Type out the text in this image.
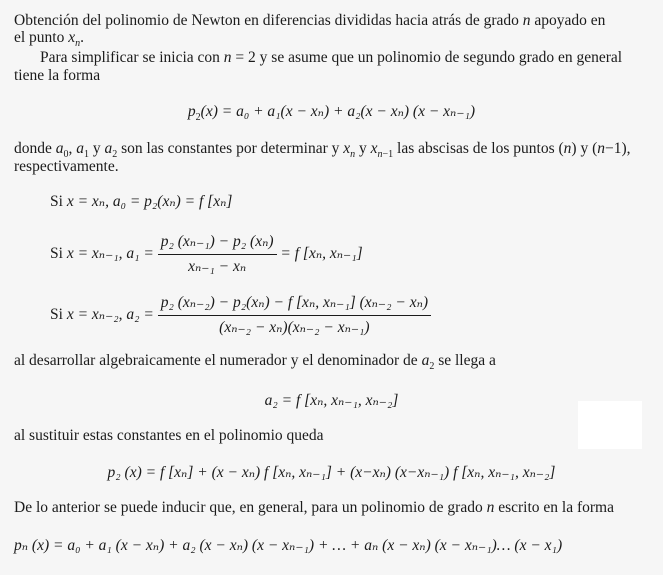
Obtención del polinomio de Newton en diferencias divididas hacia atrás de grado n apoyado en
el punto $x_n$.
Para simplificar se inicia con n = 2 y se asume que un polinomio de segundo grado en general
tiene la forma
$p_2(x) = a_0 + a_1(x - x_n) + a_2(x - x_n) (x - x_{n-1})$
donde $a_0$, $a_1$ y $a_2$ son las constantes por determinar y $x_n$ y $x_{n-1}$ las abscisas de los puntos (n) y (n−1),
respectivamente.
Si x = xₙ, a₀ = p₂(xₙ) = f [xₙ]
Si x = xₙ₋₁, $a_1 = \frac{\text{p₂ (xₙ₋₁) − p₂ (xₙ)}}{\text{xₙ₋₁ − xₙ}} = f$ [xₙ, xₙ₋₁]
Si x = xₙ₋₂, $a_2 = \frac{\text{p₂ (xₙ₋₂) − p₂(xₙ) − f [xₙ, xₙ₋₁] (xₙ₋₂ − xₙ)}}{\text{(xₙ₋₂ − xₙ)(xₙ₋₂ − xₙ₋₁)}}$
al desarrollar algebraicamente el numerador y el denominador de $a_2$ se llega a
a₂ = f [xₙ, xₙ₋₁, xₙ₋₂]
al sustituir estas constantes en el polinomio queda
p₂ (x) = f [xₙ] + (x − xₙ) f [xₙ, xₙ₋₁] + (x−xₙ) (x−xₙ₋₁) f [xₙ, xₙ₋₁, xₙ₋₂]
De lo anterior se puede inducir que, en general, para un polinomio de grado n escrito en la forma
pₙ (x) = a₀ + a₁ (x − xₙ) + a₂ (x − xₙ) (x − xₙ₋₁) + … + aₙ (x − xₙ) (x − xₙ₋₁)… (x − x₁)
